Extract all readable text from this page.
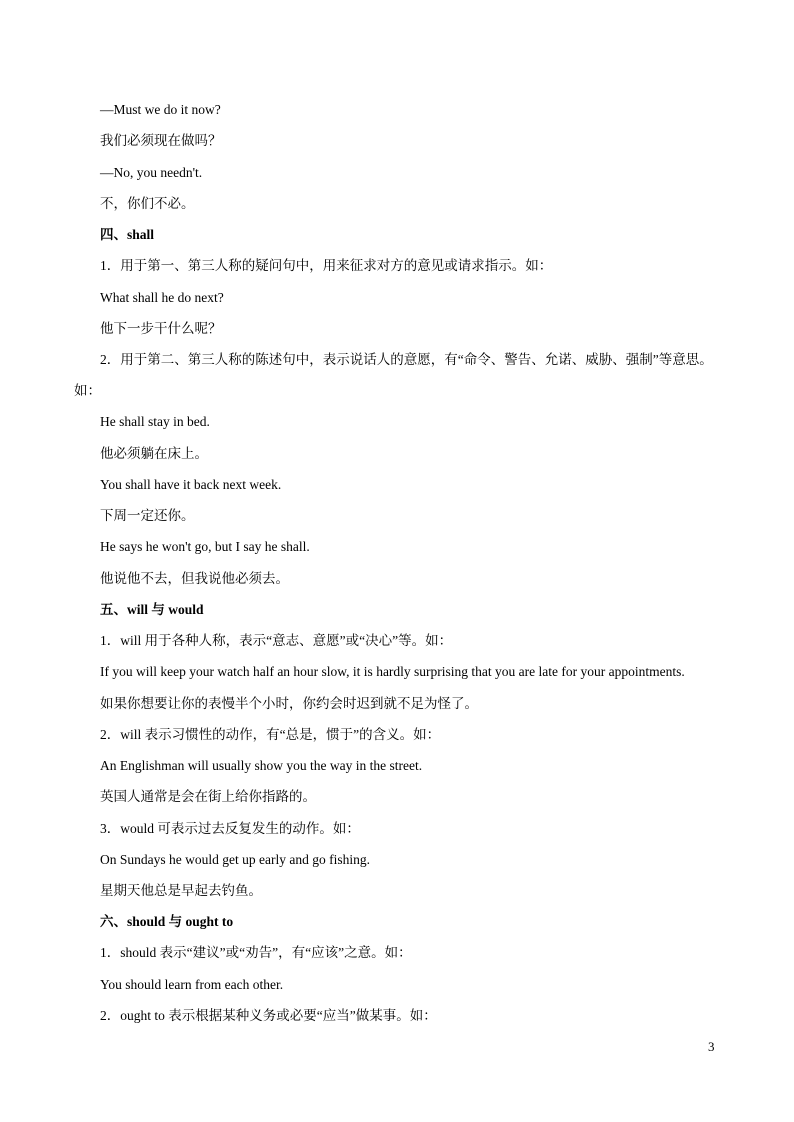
—Must we do it now?
我们必须现在做吗？
—No, you needn't.
不，你们不必。
四、shall
1．用于第一、第三人称的疑问句中，用来征求对方的意见或请求指示。如：
What shall he do next?
他下一步干什么呢？
2．用于第二、第三人称的陈述句中，表示说话人的意愿，有“命令、警告、允诺、威胁、强制”等意思。
如：
He shall stay in bed.
他必须躺在床上。
You shall have it back next week.
下周一定还你。
He says he won't go, but I say he shall.
他说他不去，但我说他必须去。
五、will 与 would
1．will 用于各种人称，表示“意志、意愿”或“决心”等。如：
If you will keep your watch half an hour slow, it is hardly surprising that you are late for your appointments.
如果你想要让你的表慢半个小时，你约会时迟到就不足为怪了。
2．will 表示习惯性的动作，有“总是，惯于”的含义。如：
An Englishman will usually show you the way in the street.
英国人通常是会在街上给你指路的。
3．would 可表示过去反复发生的动作。如：
On Sundays he would get up early and go fishing.
星期天他总是早起去钓鱼。
六、should 与 ought to
1．should 表示“建议”或“劝告”，有“应该”之意。如：
You should learn from each other.
2．ought to 表示根据某种义务或必要“应当”做某事。如：
3
